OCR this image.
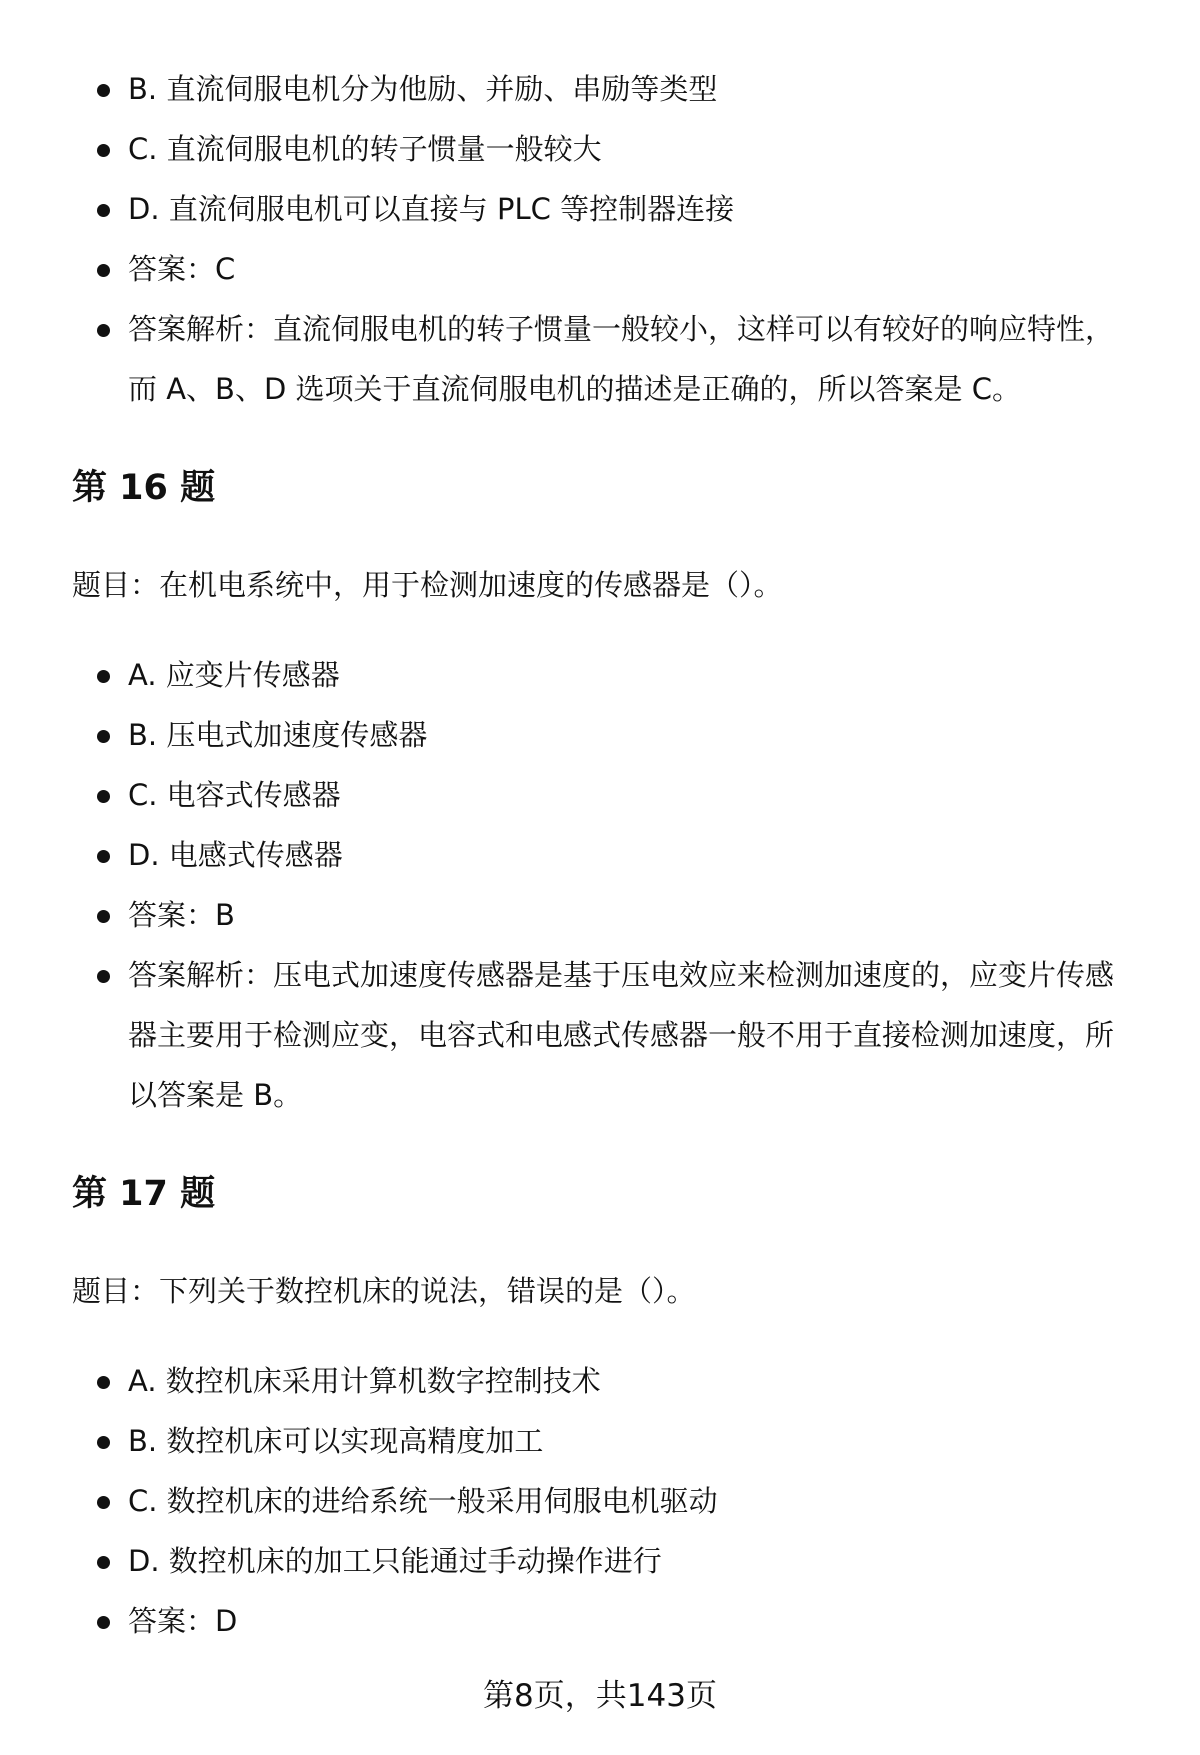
B. 直流伺服电机分为他励、并励、串励等类型
C. 直流伺服电机的转子惯量一般较大
D. 直流伺服电机可以直接与 PLC 等控制器连接
答案：C
答案解析：直流伺服电机的转子惯量一般较小，这样可以有较好的响应特性，而 A、B、D 选项关于直流伺服电机的描述是正确的，所以答案是 C。
第 16 题
题目：在机电系统中，用于检测加速度的传感器是（）。
A. 应变片传感器
B. 压电式加速度传感器
C. 电容式传感器
D. 电感式传感器
答案：B
答案解析：压电式加速度传感器是基于压电效应来检测加速度的，应变片传感器主要用于检测应变，电容式和电感式传感器一般不用于直接检测加速度，所以答案是 B。
第 17 题
题目：下列关于数控机床的说法，错误的是（）。
A. 数控机床采用计算机数字控制技术
B. 数控机床可以实现高精度加工
C. 数控机床的进给系统一般采用伺服电机驱动
D. 数控机床的加工只能通过手动操作进行
答案：D
第8页，共143页
